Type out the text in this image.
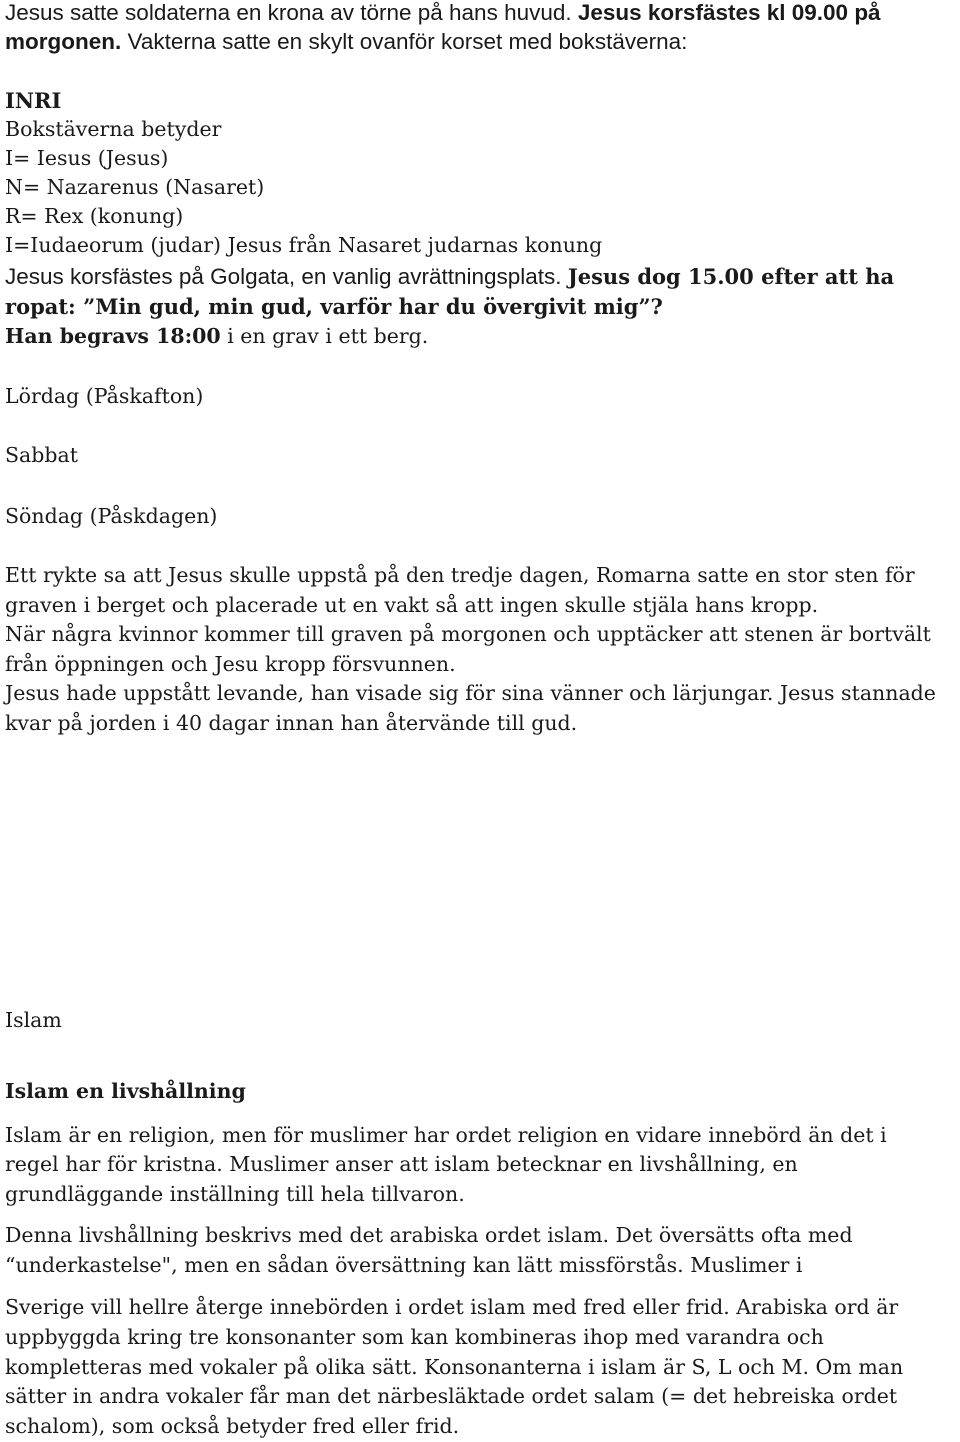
Jesus satte soldaterna en krona av törne på hans huvud. Jesus korsfästes kl 09.00 på
morgonen. Vakterna satte en skylt ovanför korset med bokstäverna:
INRI
Bokstäverna betyder
I= Iesus (Jesus)
N= Nazarenus (Nasaret)
R= Rex (konung)
I=Iudaeorum (judar) Jesus från Nasaret judarnas konung
Jesus korsfästes på Golgata, en vanlig avrättningsplats. Jesus dog 15.00 efter att ha
ropat: ”Min gud, min gud, varför har du övergivit mig”?
Han begravs 18:00 i en grav i ett berg.
Lördag (Påskafton)
Sabbat
Söndag (Påskdagen)
Ett rykte sa att Jesus skulle uppstå på den tredje dagen, Romarna satte en stor sten för
graven i berget och placerade ut en vakt så att ingen skulle stjäla hans kropp.
När några kvinnor kommer till graven på morgonen och upptäcker att stenen är bortvält
från öppningen och Jesu kropp försvunnen.
Jesus hade uppstått levande, han visade sig för sina vänner och lärjungar. Jesus stannade
kvar på jorden i 40 dagar innan han återvände till gud.
Islam
Islam en livshållning
Islam är en religion, men för muslimer har ordet religion en vidare innebörd än det i
regel har för kristna. Muslimer anser att islam betecknar en livshållning, en
grundläggande inställning till hela tillvaron.
Denna livshållning beskrivs med det arabiska ordet islam. Det översätts ofta med
“underkastelse", men en sådan översättning kan lätt missförstås. Muslimer i
Sverige vill hellre återge innebörden i ordet islam med fred eller frid. Arabiska ord är
uppbyggda kring tre konsonanter som kan kombineras ihop med varandra och
kompletteras med vokaler på olika sätt. Konsonanterna i islam är S, L och M. Om man
sätter in andra vokaler får man det närbesläktade ordet salam (= det hebreiska ordet
schalom), som också betyder fred eller frid.
